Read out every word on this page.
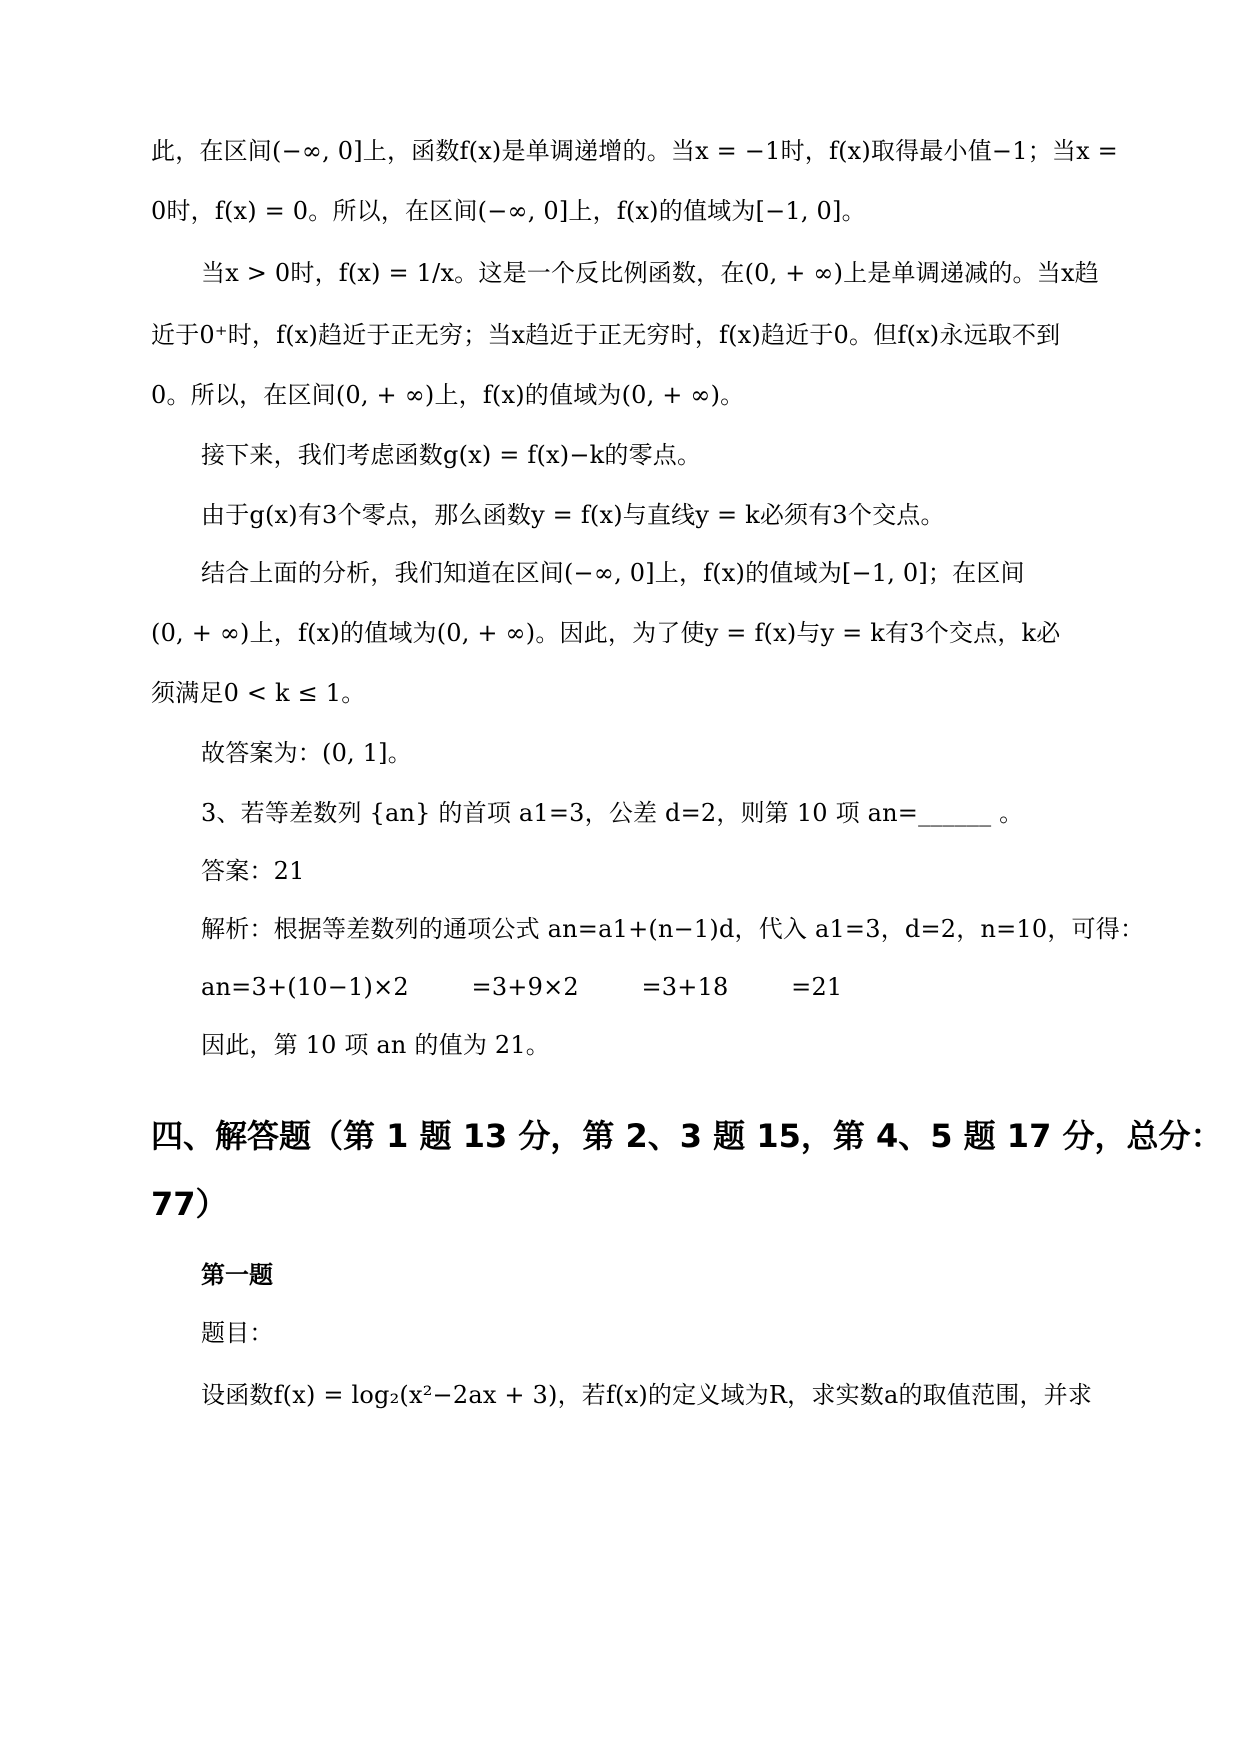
此，在区间(−∞, 0]上，函数f(x)是单调递增的。当x = −1时，f(x)取得最小值−1；当x =
0时，f(x) = 0。所以，在区间(−∞, 0]上，f(x)的值域为[−1, 0]。
当x > 0时，f(x) = 1/x。这是一个反比例函数，在(0, + ∞)上是单调递减的。当x趋
近于0⁺时，f(x)趋近于正无穷；当x趋近于正无穷时，f(x)趋近于0。但f(x)永远取不到
0。所以，在区间(0, + ∞)上，f(x)的值域为(0, + ∞)。
接下来，我们考虑函数g(x) = f(x)−k的零点。
由于g(x)有3个零点，那么函数y = f(x)与直线y = k必须有3个交点。
结合上面的分析，我们知道在区间(−∞, 0]上，f(x)的值域为[−1, 0]；在区间
(0, + ∞)上，f(x)的值域为(0, + ∞)。因此，为了使y = f(x)与y = k有3个交点，k必
须满足0 < k ≤ 1。
故答案为：(0, 1]。
3、若等差数列 {an} 的首项 a1=3，公差 d=2，则第 10 项 an=______ 。
答案：21
解析：根据等差数列的通项公式 an=a1+(n−1)d，代入 a1=3，d=2，n=10，可得：
an=3+(10−1)×2        =3+9×2        =3+18        =21
因此，第 10 项 an 的值为 21。
四、解答题（第 1 题 13 分，第 2、3 题 15，第 4、5 题 17 分，总分：
77）
第一题
题目：
设函数f(x) = log₂(x²−2ax + 3)，若f(x)的定义域为R，求实数a的取值范围，并求
